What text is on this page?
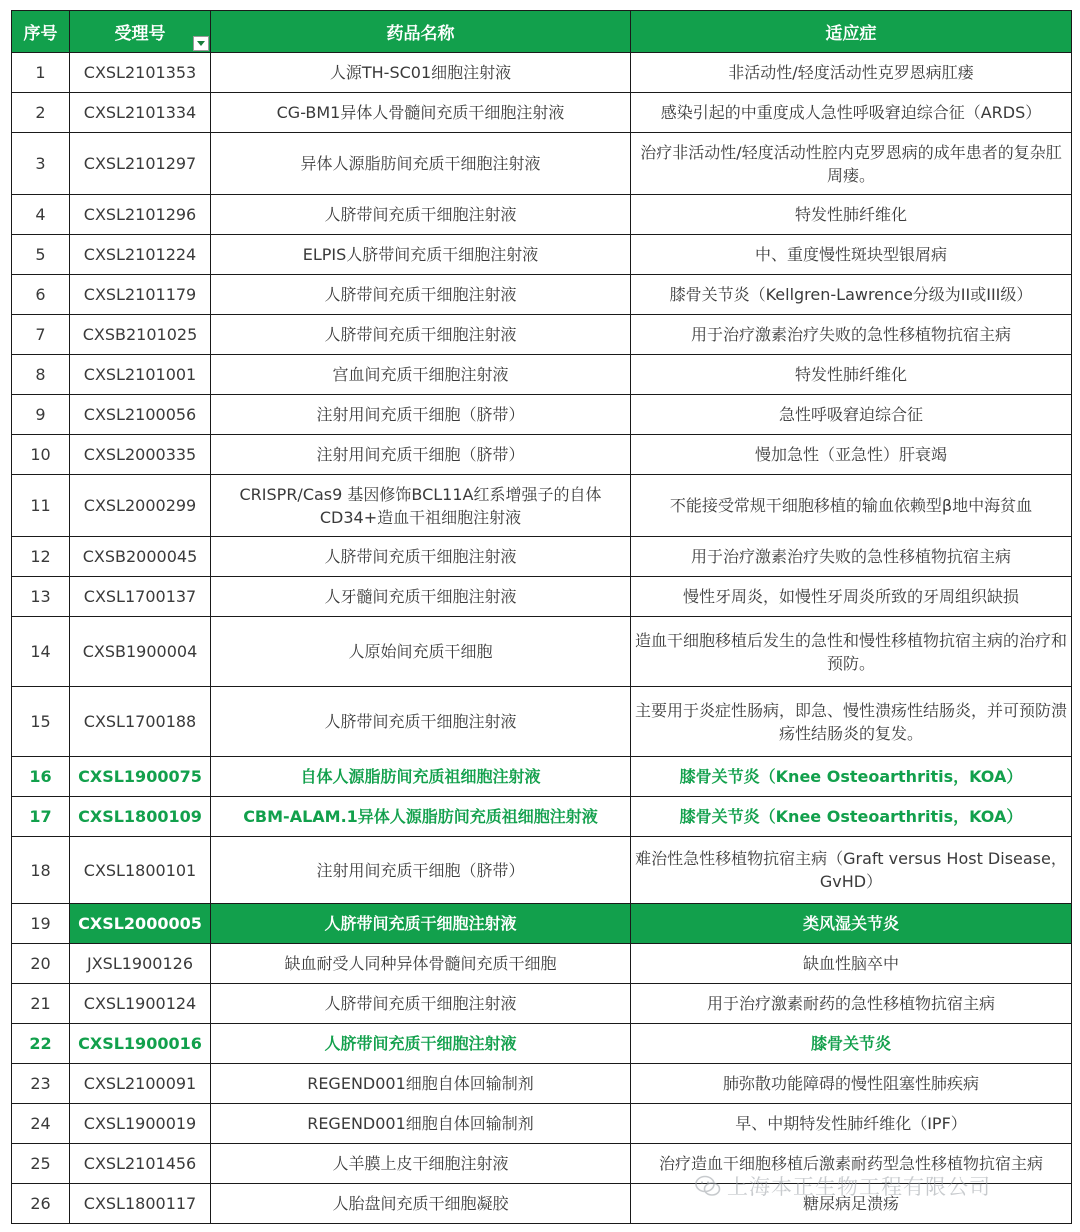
序号	受理号	药品名称	适应症
1	CXSL2101353	人源TH-SC01细胞注射液	非活动性/轻度活动性克罗恩病肛瘘
2	CXSL2101334	CG-BM1异体人骨髓间充质干细胞注射液	感染引起的中重度成人急性呼吸窘迫综合征（ARDS）
3	CXSL2101297	异体人源脂肪间充质干细胞注射液	治疗非活动性/轻度活动性腔内克罗恩病的成年患者的复杂肛周瘘。
4	CXSL2101296	人脐带间充质干细胞注射液	特发性肺纤维化
5	CXSL2101224	ELPIS人脐带间充质干细胞注射液	中、重度慢性斑块型银屑病
6	CXSL2101179	人脐带间充质干细胞注射液	膝骨关节炎（Kellgren-Lawrence分级为II或III级）
7	CXSB2101025	人脐带间充质干细胞注射液	用于治疗激素治疗失败的急性移植物抗宿主病
8	CXSL2101001	宫血间充质干细胞注射液	特发性肺纤维化
9	CXSL2100056	注射用间充质干细胞（脐带）	急性呼吸窘迫综合征
10	CXSL2000335	注射用间充质干细胞（脐带）	慢加急性（亚急性）肝衰竭
11	CXSL2000299	CRISPR/Cas9 基因修饰BCL11A红系增强子的自体CD34+造血干祖细胞注射液	不能接受常规干细胞移植的输血依赖型β地中海贫血
12	CXSB2000045	人脐带间充质干细胞注射液	用于治疗激素治疗失败的急性移植物抗宿主病
13	CXSL1700137	人牙髓间充质干细胞注射液	慢性牙周炎，如慢性牙周炎所致的牙周组织缺损
14	CXSB1900004	人原始间充质干细胞	造血干细胞移植后发生的急性和慢性移植物抗宿主病的治疗和预防。
15	CXSL1700188	人脐带间充质干细胞注射液	主要用于炎症性肠病，即急、慢性溃疡性结肠炎，并可预防溃疡性结肠炎的复发。
16	CXSL1900075	自体人源脂肪间充质祖细胞注射液	膝骨关节炎（Knee Osteoarthritis，KOA）
17	CXSL1800109	CBM-ALAM.1异体人源脂肪间充质祖细胞注射液	膝骨关节炎（Knee Osteoarthritis，KOA）
18	CXSL1800101	注射用间充质干细胞（脐带）	难治性急性移植物抗宿主病（Graft versus Host Disease， GvHD）
19	CXSL2000005	人脐带间充质干细胞注射液	类风湿关节炎
20	JXSL1900126	缺血耐受人同种异体骨髓间充质干细胞	缺血性脑卒中
21	CXSL1900124	人脐带间充质干细胞注射液	用于治疗激素耐药的急性移植物抗宿主病
22	CXSL1900016	人脐带间充质干细胞注射液	膝骨关节炎
23	CXSL2100091	REGEND001细胞自体回输制剂	肺弥散功能障碍的慢性阻塞性肺疾病
24	CXSL1900019	REGEND001细胞自体回输制剂	早、中期特发性肺纤维化（IPF）
25	CXSL2101456	人羊膜上皮干细胞注射液	治疗造血干细胞移植后激素耐药型急性移植物抗宿主病
26	CXSL1800117	人胎盘间充质干细胞凝胶	糖尿病足溃疡
上海本正生物工程有限公司
